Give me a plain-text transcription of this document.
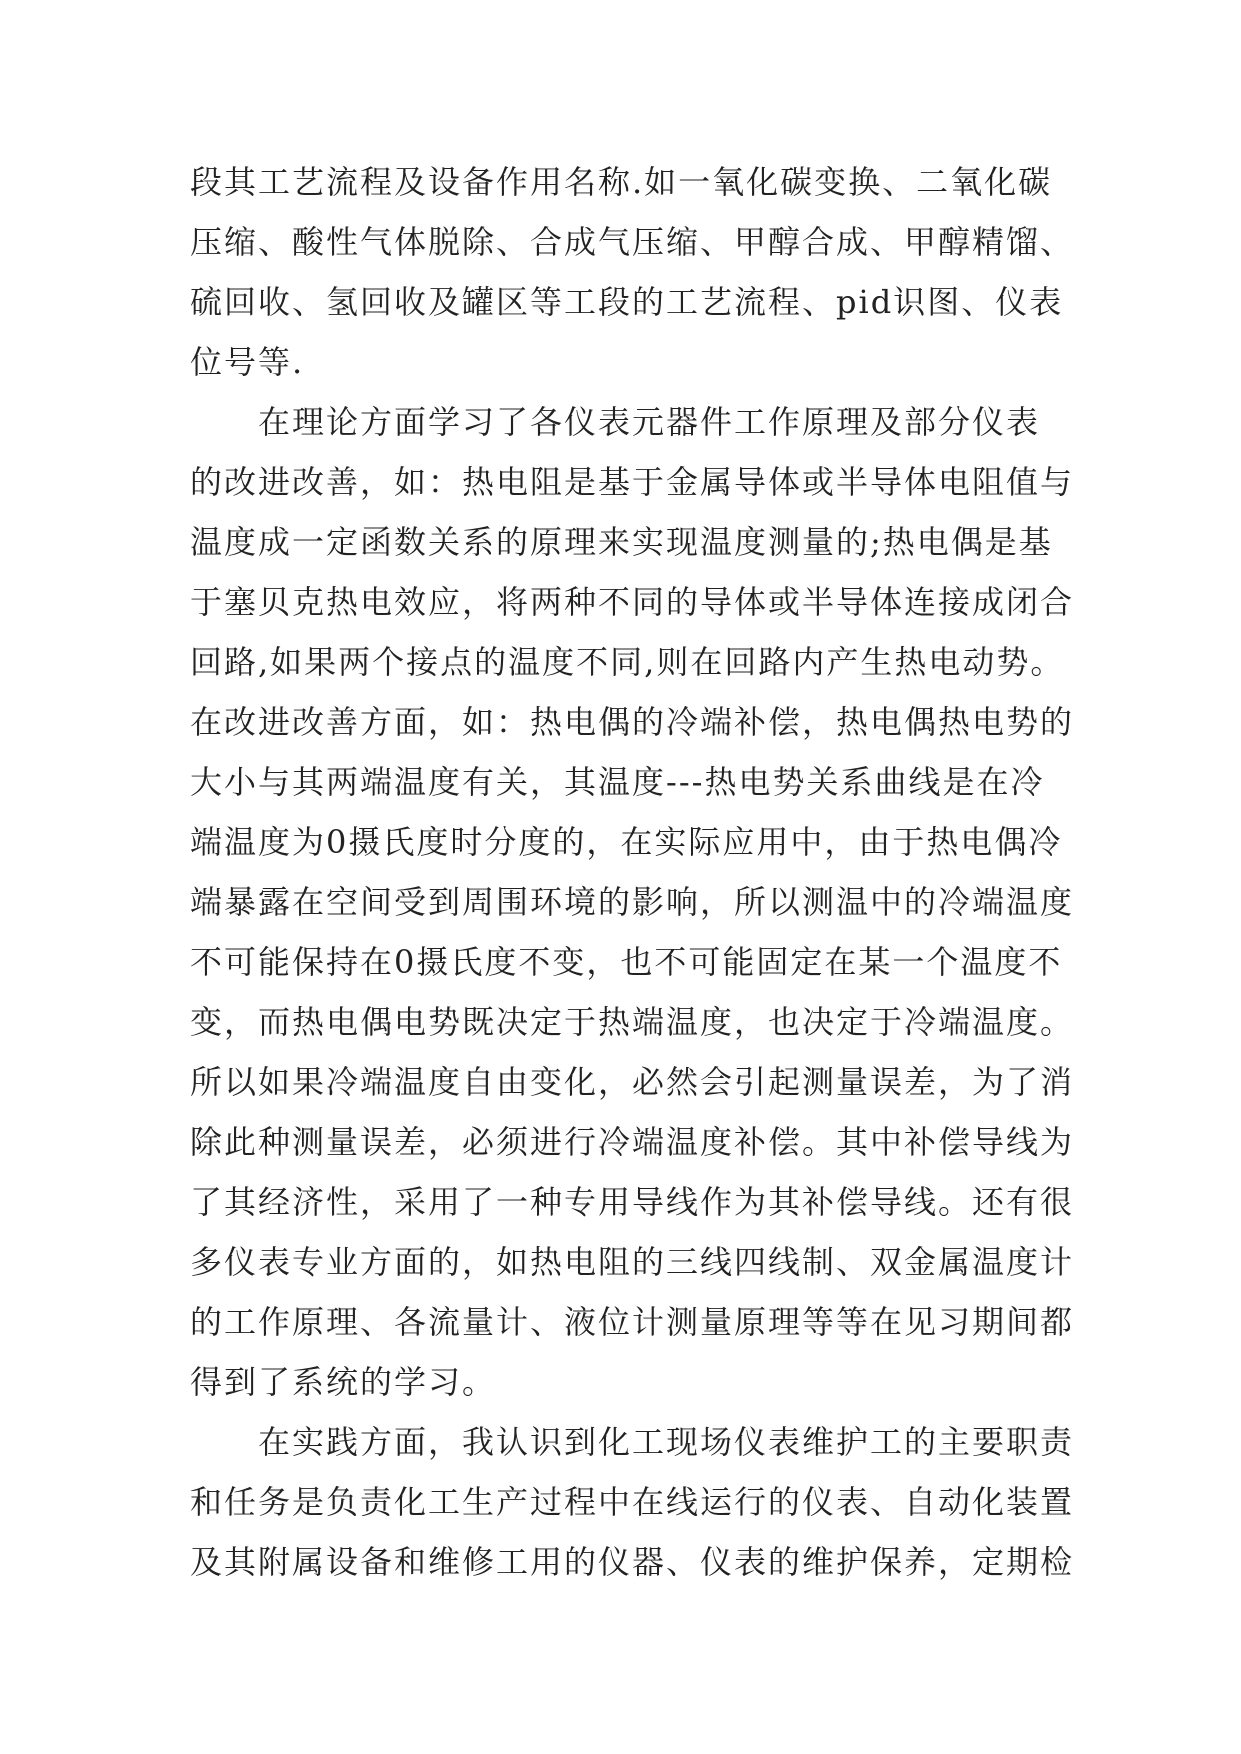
段其工艺流程及设备作用名称.如一氧化碳变换、二氧化碳
压缩、酸性气体脱除、合成气压缩、甲醇合成、甲醇精馏、
硫回收、氢回收及罐区等工段的工艺流程、pid识图、仪表
位号等.
在理论方面学习了各仪表元器件工作原理及部分仪表
的改进改善，如：热电阻是基于金属导体或半导体电阻值与
温度成一定函数关系的原理来实现温度测量的;热电偶是基
于塞贝克热电效应，将两种不同的导体或半导体连接成闭合
回路,如果两个接点的温度不同,则在回路内产生热电动势。
在改进改善方面，如：热电偶的冷端补偿，热电偶热电势的
大小与其两端温度有关，其温度---热电势关系曲线是在冷
端温度为0摄氏度时分度的，在实际应用中，由于热电偶冷
端暴露在空间受到周围环境的影响，所以测温中的冷端温度
不可能保持在0摄氏度不变，也不可能固定在某一个温度不
变，而热电偶电势既决定于热端温度，也决定于冷端温度。
所以如果冷端温度自由变化，必然会引起测量误差，为了消
除此种测量误差，必须进行冷端温度补偿。其中补偿导线为
了其经济性，采用了一种专用导线作为其补偿导线。还有很
多仪表专业方面的，如热电阻的三线四线制、双金属温度计
的工作原理、各流量计、液位计测量原理等等在见习期间都
得到了系统的学习。
在实践方面，我认识到化工现场仪表维护工的主要职责
和任务是负责化工生产过程中在线运行的仪表、自动化装置
及其附属设备和维修工用的仪器、仪表的维护保养，定期检
